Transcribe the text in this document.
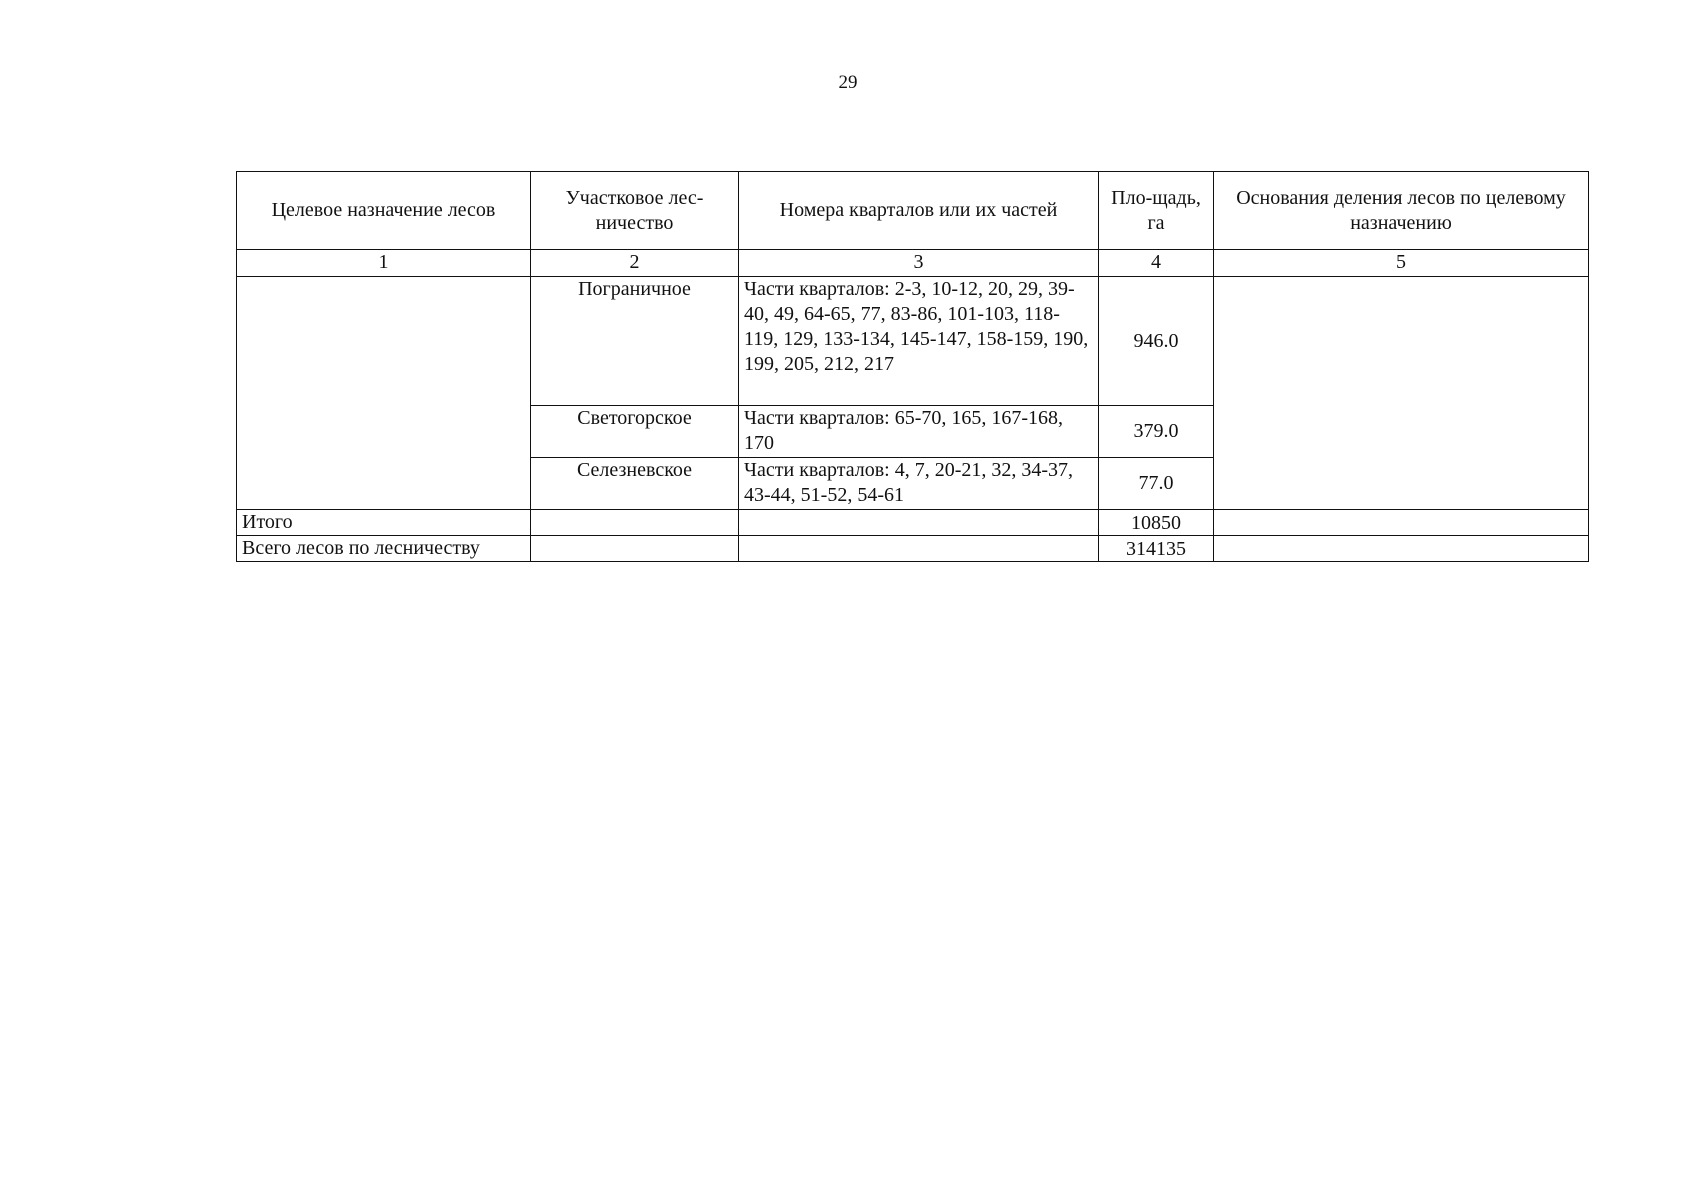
29
Целевое назначение лесов	Участковое лес-ничество	Номера кварталов или их частей	Пло-щадь, га	Основания деления лесов по целевому назначению
1	2	3	4	5
	Пограничное	Части кварталов: 2-3, 10-12, 20, 29, 39-40, 49, 64-65, 77, 83-86, 101-103, 118-119, 129, 133-134, 145-147, 158-159, 190, 199, 205, 212, 217	946.0	
	Светогорское	Части кварталов: 65-70, 165, 167-168, 170	379.0	
	Селезневское	Части кварталов: 4, 7, 20-21, 32, 34-37, 43-44, 51-52, 54-61	77.0	
Итого			10850	
Всего лесов по лесничеству			314135	
